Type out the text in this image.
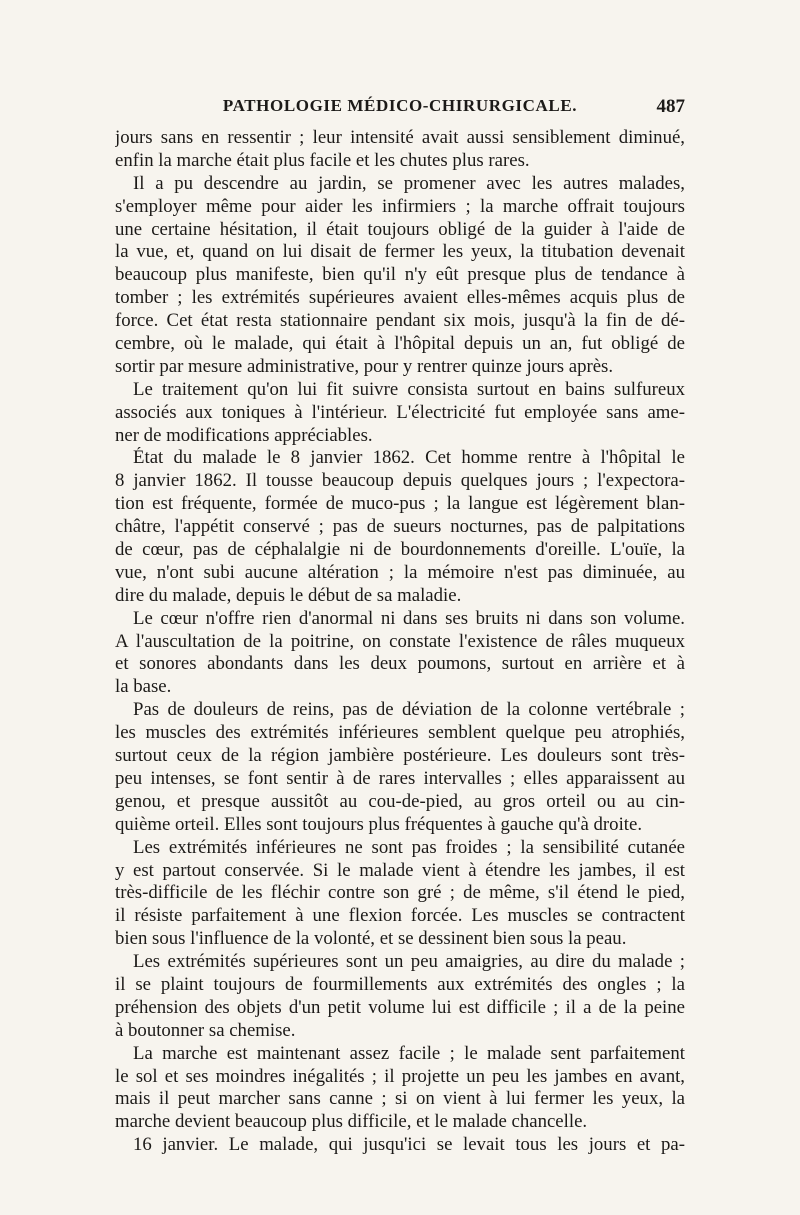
PATHOLOGIE MÉDICO-CHIRURGICALE.	487
jours sans en ressentir ; leur intensité avait aussi sensiblement diminué,
enfin la marche était plus facile et les chutes plus rares.
Il a pu descendre au jardin, se promener avec les autres malades,
s'employer même pour aider les infirmiers ; la marche offrait toujours
une certaine hésitation, il était toujours obligé de la guider à l'aide de
la vue, et, quand on lui disait de fermer les yeux, la titubation devenait
beaucoup plus manifeste, bien qu'il n'y eût presque plus de tendance à
tomber ; les extrémités supérieures avaient elles-mêmes acquis plus de
force. Cet état resta stationnaire pendant six mois, jusqu'à la fin de dé-
cembre, où le malade, qui était à l'hôpital depuis un an, fut obligé de
sortir par mesure administrative, pour y rentrer quinze jours après.
Le traitement qu'on lui fit suivre consista surtout en bains sulfureux
associés aux toniques à l'intérieur. L'électricité fut employée sans ame-
ner de modifications appréciables.
État du malade le 8 janvier 1862. Cet homme rentre à l'hôpital le
8 janvier 1862. Il tousse beaucoup depuis quelques jours ; l'expectora-
tion est fréquente, formée de muco-pus ; la langue est légèrement blan-
châtre, l'appétit conservé ; pas de sueurs nocturnes, pas de palpitations
de cœur, pas de céphalalgie ni de bourdonnements d'oreille. L'ouïe, la
vue, n'ont subi aucune altération ; la mémoire n'est pas diminuée, au
dire du malade, depuis le début de sa maladie.
Le cœur n'offre rien d'anormal ni dans ses bruits ni dans son volume.
A l'auscultation de la poitrine, on constate l'existence de râles muqueux
et sonores abondants dans les deux poumons, surtout en arrière et à
la base.
Pas de douleurs de reins, pas de déviation de la colonne vertébrale ;
les muscles des extrémités inférieures semblent quelque peu atrophiés,
surtout ceux de la région jambière postérieure. Les douleurs sont très-
peu intenses, se font sentir à de rares intervalles ; elles apparaissent au
genou, et presque aussitôt au cou-de-pied, au gros orteil ou au cin-
quième orteil. Elles sont toujours plus fréquentes à gauche qu'à droite.
Les extrémités inférieures ne sont pas froides ; la sensibilité cutanée
y est partout conservée. Si le malade vient à étendre les jambes, il est
très-difficile de les fléchir contre son gré ; de même, s'il étend le pied,
il résiste parfaitement à une flexion forcée. Les muscles se contractent
bien sous l'influence de la volonté, et se dessinent bien sous la peau.
Les extrémités supérieures sont un peu amaigries, au dire du malade ;
il se plaint toujours de fourmillements aux extrémités des ongles ; la
préhension des objets d'un petit volume lui est difficile ; il a de la peine
à boutonner sa chemise.
La marche est maintenant assez facile ; le malade sent parfaitement
le sol et ses moindres inégalités ; il projette un peu les jambes en avant,
mais il peut marcher sans canne ; si on vient à lui fermer les yeux, la
marche devient beaucoup plus difficile, et le malade chancelle.
16 janvier. Le malade, qui jusqu'ici se levait tous les jours et pa-
